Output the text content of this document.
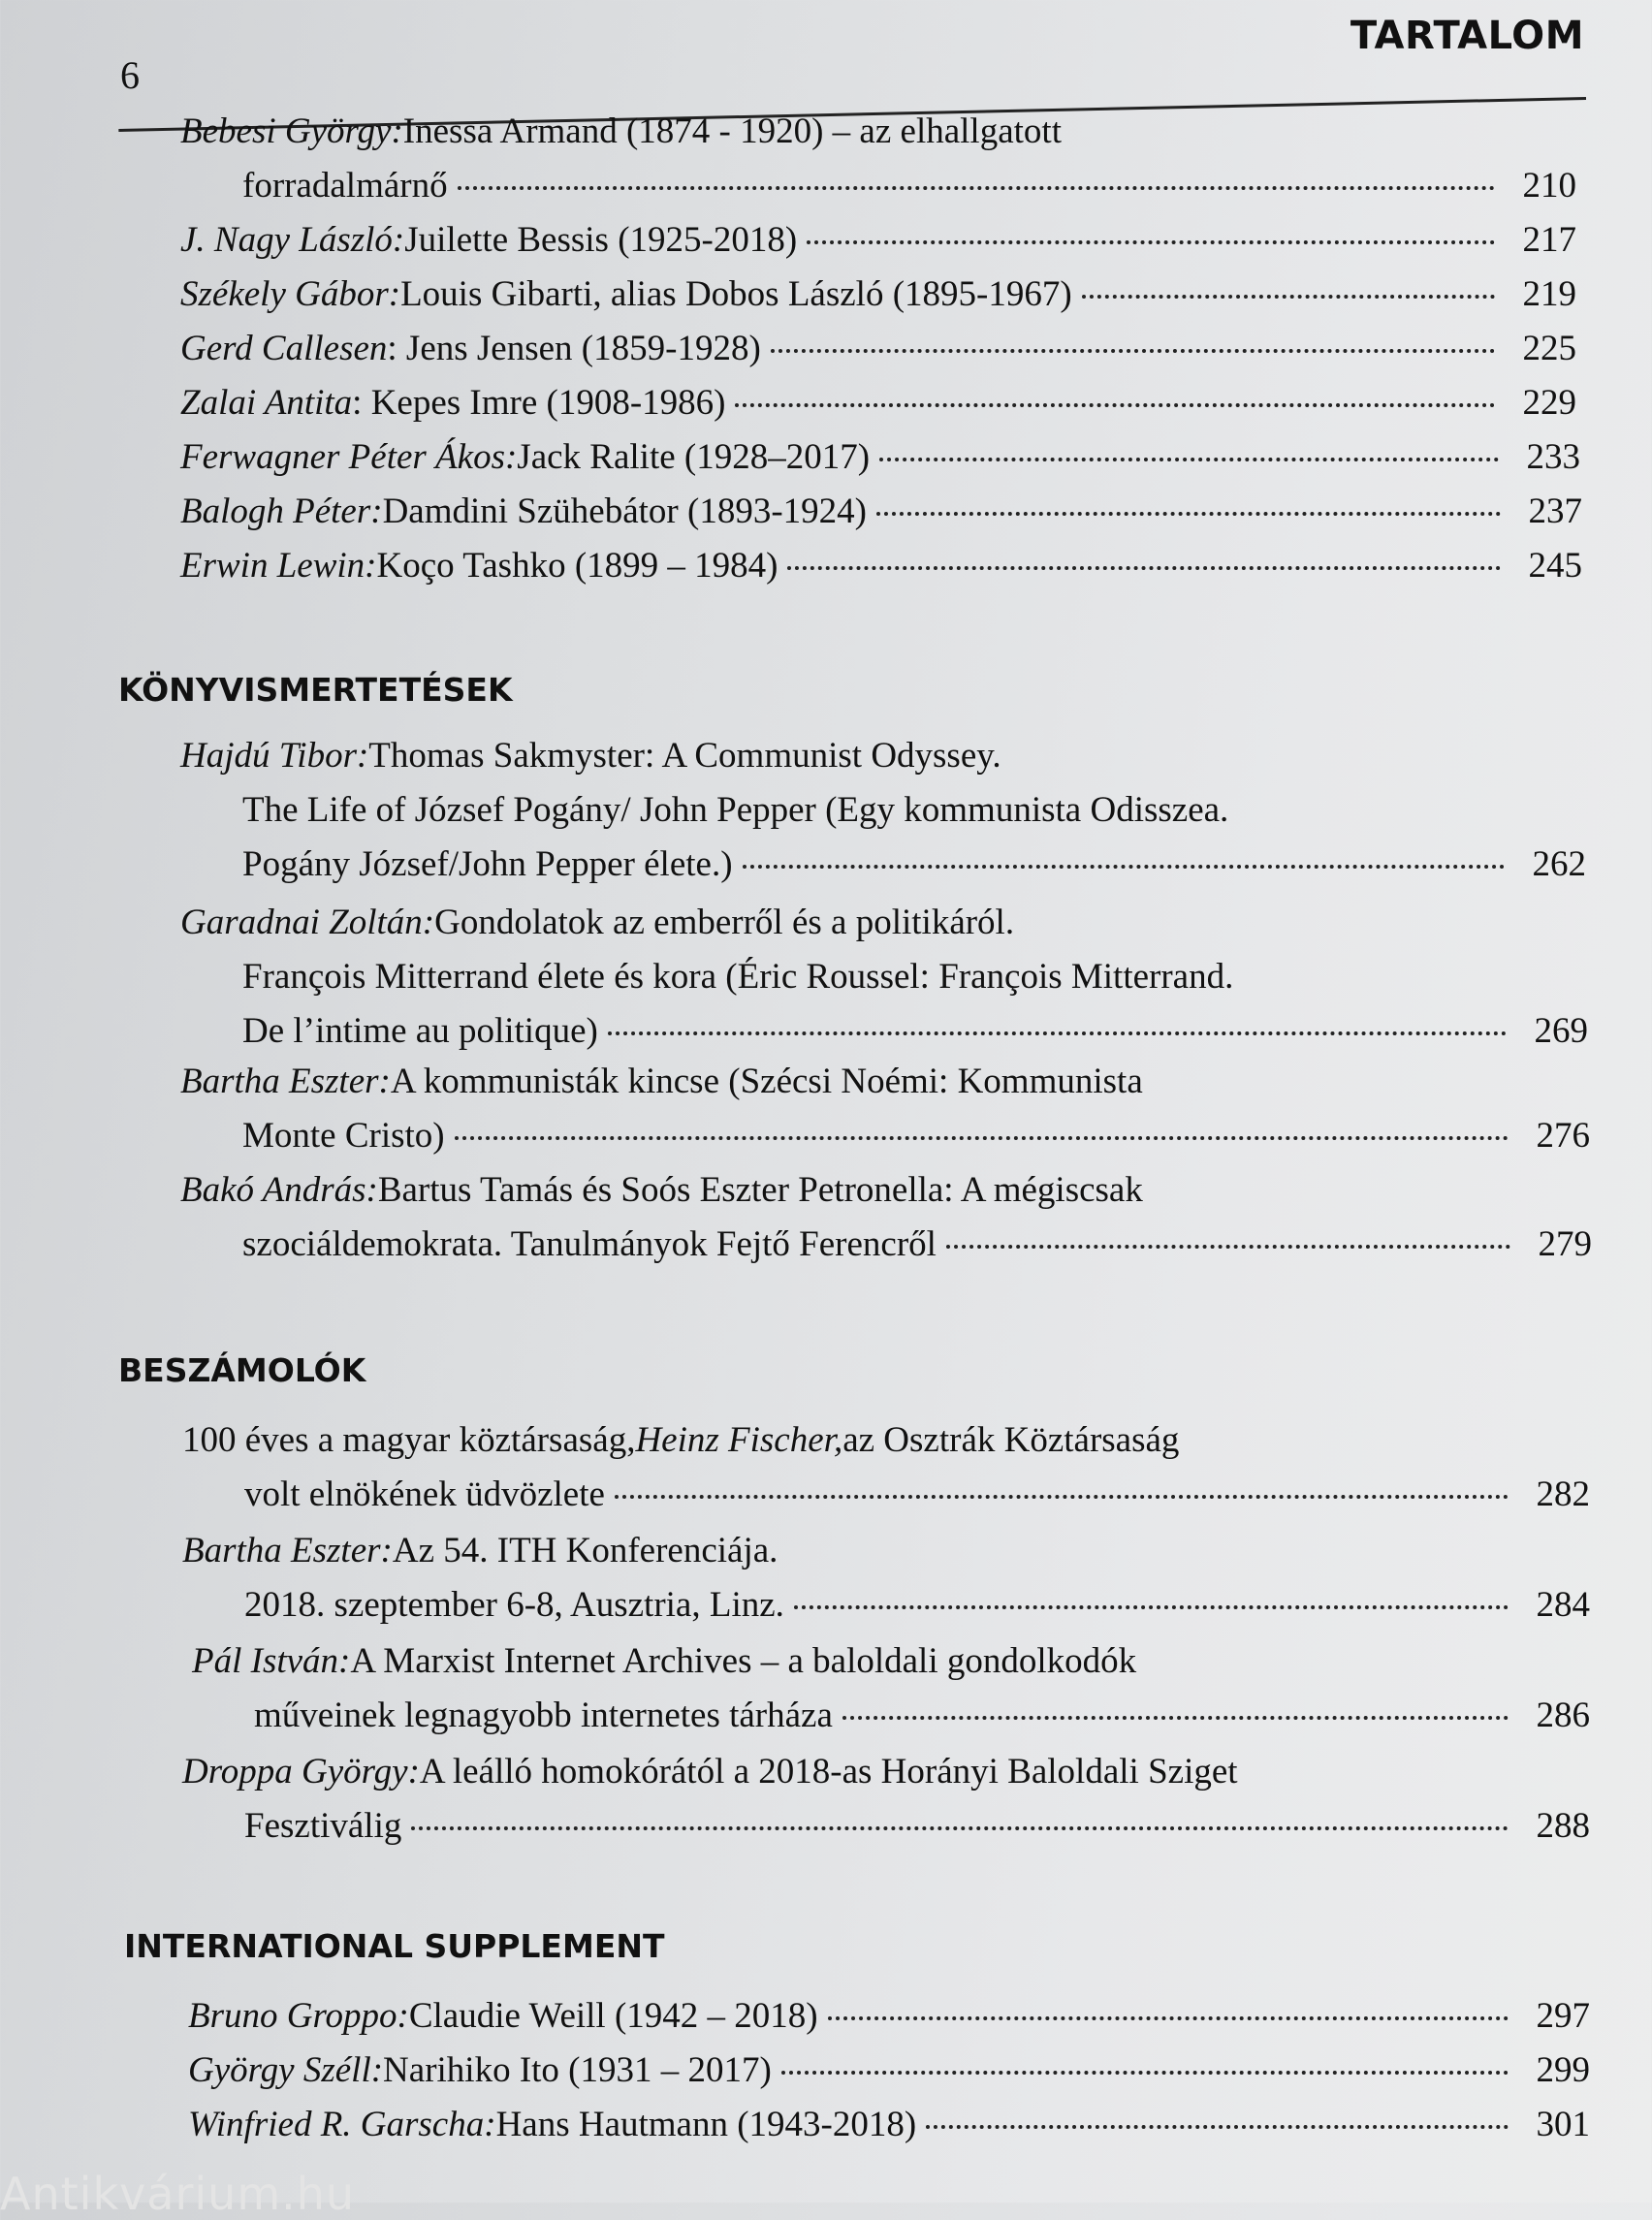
TARTALOM
6
Bebesi György: Inessa Armand (1874 - 1920) – az elhallgatott
forradalmárnő	210
J. Nagy László: Juilette Bessis (1925-2018)	217
Székely Gábor: Louis Gibarti, alias Dobos László (1895-1967)	219
Gerd Callesen : Jens Jensen (1859-1928)	225
Zalai Antita : Kepes Imre (1908-1986)	229
Ferwagner Péter Ákos: Jack Ralite (1928–2017)	233
Balogh Péter: Damdini Szühebátor (1893-1924)	237
Erwin Lewin: Koço Tashko (1899 – 1984)	245
KÖNYVISMERTETÉSEK
Hajdú Tibor: Thomas Sakmyster: A Communist Odyssey.
The Life of József Pogány/ John Pepper (Egy kommunista Odisszea.
Pogány József/John Pepper élete.)	262
Garadnai Zoltán: Gondolatok az emberről és a politikáról.
François Mitterrand élete és kora (Éric Roussel: François Mitterrand.
De l’intime au politique)	269
Bartha Eszter: A kommunisták kincse (Szécsi Noémi: Kommunista
Monte Cristo)	276
Bakó András: Bartus Tamás és Soós Eszter Petronella: A mégiscsak
szociáldemokrata. Tanulmányok Fejtő Ferencről	279
BESZÁMOLÓK
100 éves a magyar köztársaság, Heinz Fischer, az Osztrák Köztársaság
volt elnökének üdvözlete	282
Bartha Eszter: Az 54. ITH Konferenciája.
2018. szeptember 6-8, Ausztria, Linz.	284
Pál István: A Marxist Internet Archives – a baloldali gondolkodók
műveinek legnagyobb internetes tárháza	286
Droppa György: A leálló homokórától a 2018-as Horányi Baloldali Sziget
Fesztiválig	288
INTERNATIONAL SUPPLEMENT
Bruno Groppo: Claudie Weill (1942 – 2018)	297
György Széll: Narihiko Ito (1931 – 2017)	299
Winfried R. Garscha: Hans Hautmann (1943-2018)	301
Antikvárium.hu
